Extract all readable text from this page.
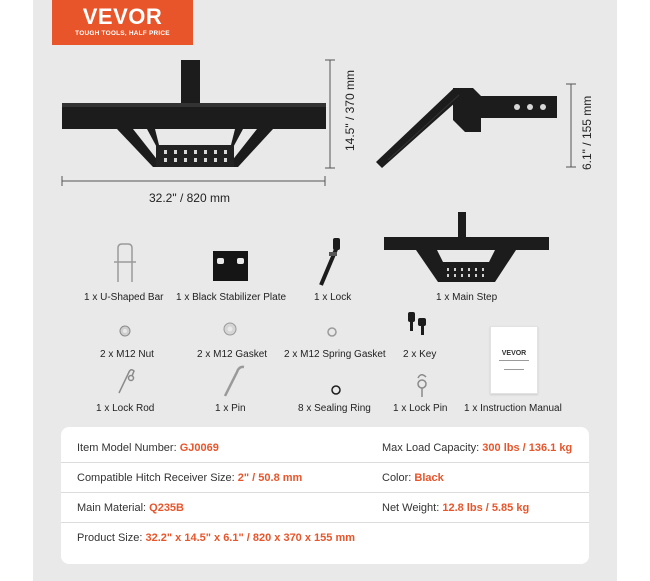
VEVOR
TOUGH TOOLS, HALF PRICE
32.2" / 820 mm
14.5" / 370 mm	6.1" / 155 mm
1 x U-Shaped Bar 1 x Black Stabilizer Plate	1 x Lock	1 x Main Step
2 x M12 Nut	2 x M12 Gasket 2 x M12 Spring Gasket 2 x Key
1 x Lock Rod	1 x Pin	8 x Sealing Ring 1 x Lock Pin 1 x Instruction Manual
VEVOR
Item Model Number: GJ0069	Max Load Capacity: 300 lbs / 136.1 kg
Compatible Hitch Receiver Size: 2" / 50.8 mm	Color: Black
Main Material: Q235B	Net Weight: 12.8 lbs / 5.85 kg
Product Size: 32.2" x 14.5" x 6.1" / 820 x 370 x 155 mm
